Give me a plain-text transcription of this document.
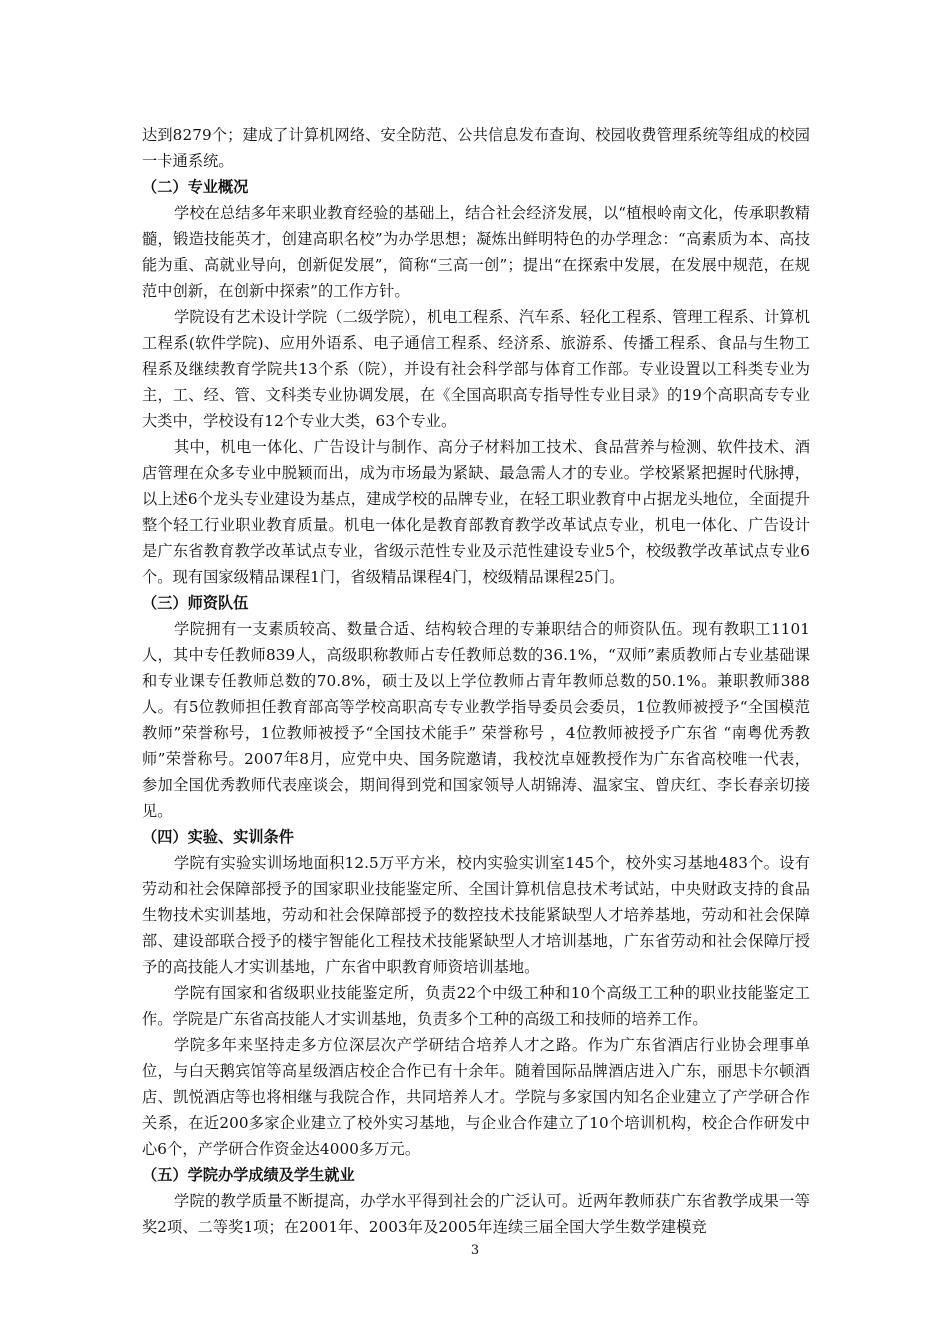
达到8279个；建成了计算机网络、安全防范、公共信息发布查询、校园收费管理系统等组成的校园一卡通系统。

（二）专业概况

学校在总结多年来职业教育经验的基础上，结合社会经济发展，以“植根岭南文化，传承职教精髓，锻造技能英才，创建高职名校”为办学思想；凝炼出鲜明特色的办学理念：“高素质为本、高技能为重、高就业导向，创新促发展”，简称“三高一创”；提出“在探索中发展，在发展中规范，在规范中创新，在创新中探索”的工作方针。

学院设有艺术设计学院（二级学院），机电工程系、汽车系、轻化工程系、管理工程系、计算机工程系(软件学院)、应用外语系、电子通信工程系、经济系、旅游系、传播工程系、食品与生物工程系及继续教育学院共13个系（院），并设有社会科学部与体育工作部。专业设置以工科类专业为主，工、经、管、文科类专业协调发展，在《全国高职高专指导性专业目录》的19个高职高专专业大类中，学校设有12个专业大类，63个专业。

其中，机电一体化、广告设计与制作、高分子材料加工技术、食品营养与检测、软件技术、酒店管理在众多专业中脱颖而出，成为市场最为紧缺、最急需人才的专业。学校紧紧把握时代脉搏，以上述6个龙头专业建设为基点，建成学校的品牌专业，在轻工职业教育中占据龙头地位，全面提升整个轻工行业职业教育质量。机电一体化是教育部教育教学改革试点专业，机电一体化、广告设计是广东省教育教学改革试点专业，省级示范性专业及示范性建设专业5个，校级教学改革试点专业6个。现有国家级精品课程1门，省级精品课程4门，校级精品课程25门。

（三）师资队伍

学院拥有一支素质较高、数量合适、结构较合理的专兼职结合的师资队伍。现有教职工1101人，其中专任教师839人，高级职称教师占专任教师总数的36.1%，“双师”素质教师占专业基础课和专业课专任教师总数的70.8%，硕士及以上学位教师占青年教师总数的50.1%。兼职教师388人。有5位教师担任教育部高等学校高职高专专业教学指导委员会委员，1位教师被授予“全国模范教师”荣誉称号，1位教师被授予“全国技术能手” 荣誉称号 ，4位教师被授予广东省 “南粤优秀教师”荣誉称号。2007年8月，应党中央、国务院邀请，我校沈卓娅教授作为广东省高校唯一代表，参加全国优秀教师代表座谈会，期间得到党和国家领导人胡锦涛、温家宝、曾庆红、李长春亲切接见。

（四）实验、实训条件

学院有实验实训场地面积12.5万平方米，校内实验实训室145个，校外实习基地483个。设有劳动和社会保障部授予的国家职业技能鉴定所、全国计算机信息技术考试站，中央财政支持的食品生物技术实训基地，劳动和社会保障部授予的数控技术技能紧缺型人才培养基地，劳动和社会保障部、建设部联合授予的楼宇智能化工程技术技能紧缺型人才培训基地，广东省劳动和社会保障厅授予的高技能人才实训基地，广东省中职教育师资培训基地。

学院有国家和省级职业技能鉴定所，负责22个中级工种和10个高级工工种的职业技能鉴定工作。学院是广东省高技能人才实训基地，负责多个工种的高级工和技师的培养工作。

学院多年来坚持走多方位深层次产学研结合培养人才之路。作为广东省酒店行业协会理事单位，与白天鹅宾馆等高星级酒店校企合作已有十余年。随着国际品牌酒店进入广东，丽思卡尔顿酒店、凯悦酒店等也将相继与我院合作，共同培养人才。学院与多家国内知名企业建立了产学研合作关系，在近200多家企业建立了校外实习基地，与企业合作建立了10个培训机构，校企合作研发中心6个，产学研合作资金达4000多万元。

（五）学院办学成绩及学生就业

学院的教学质量不断提高，办学水平得到社会的广泛认可。近两年教师获广东省教学成果一等奖2项、二等奖1项；在2001年、2003年及2005年连续三届全国大学生数学建模竞

3
